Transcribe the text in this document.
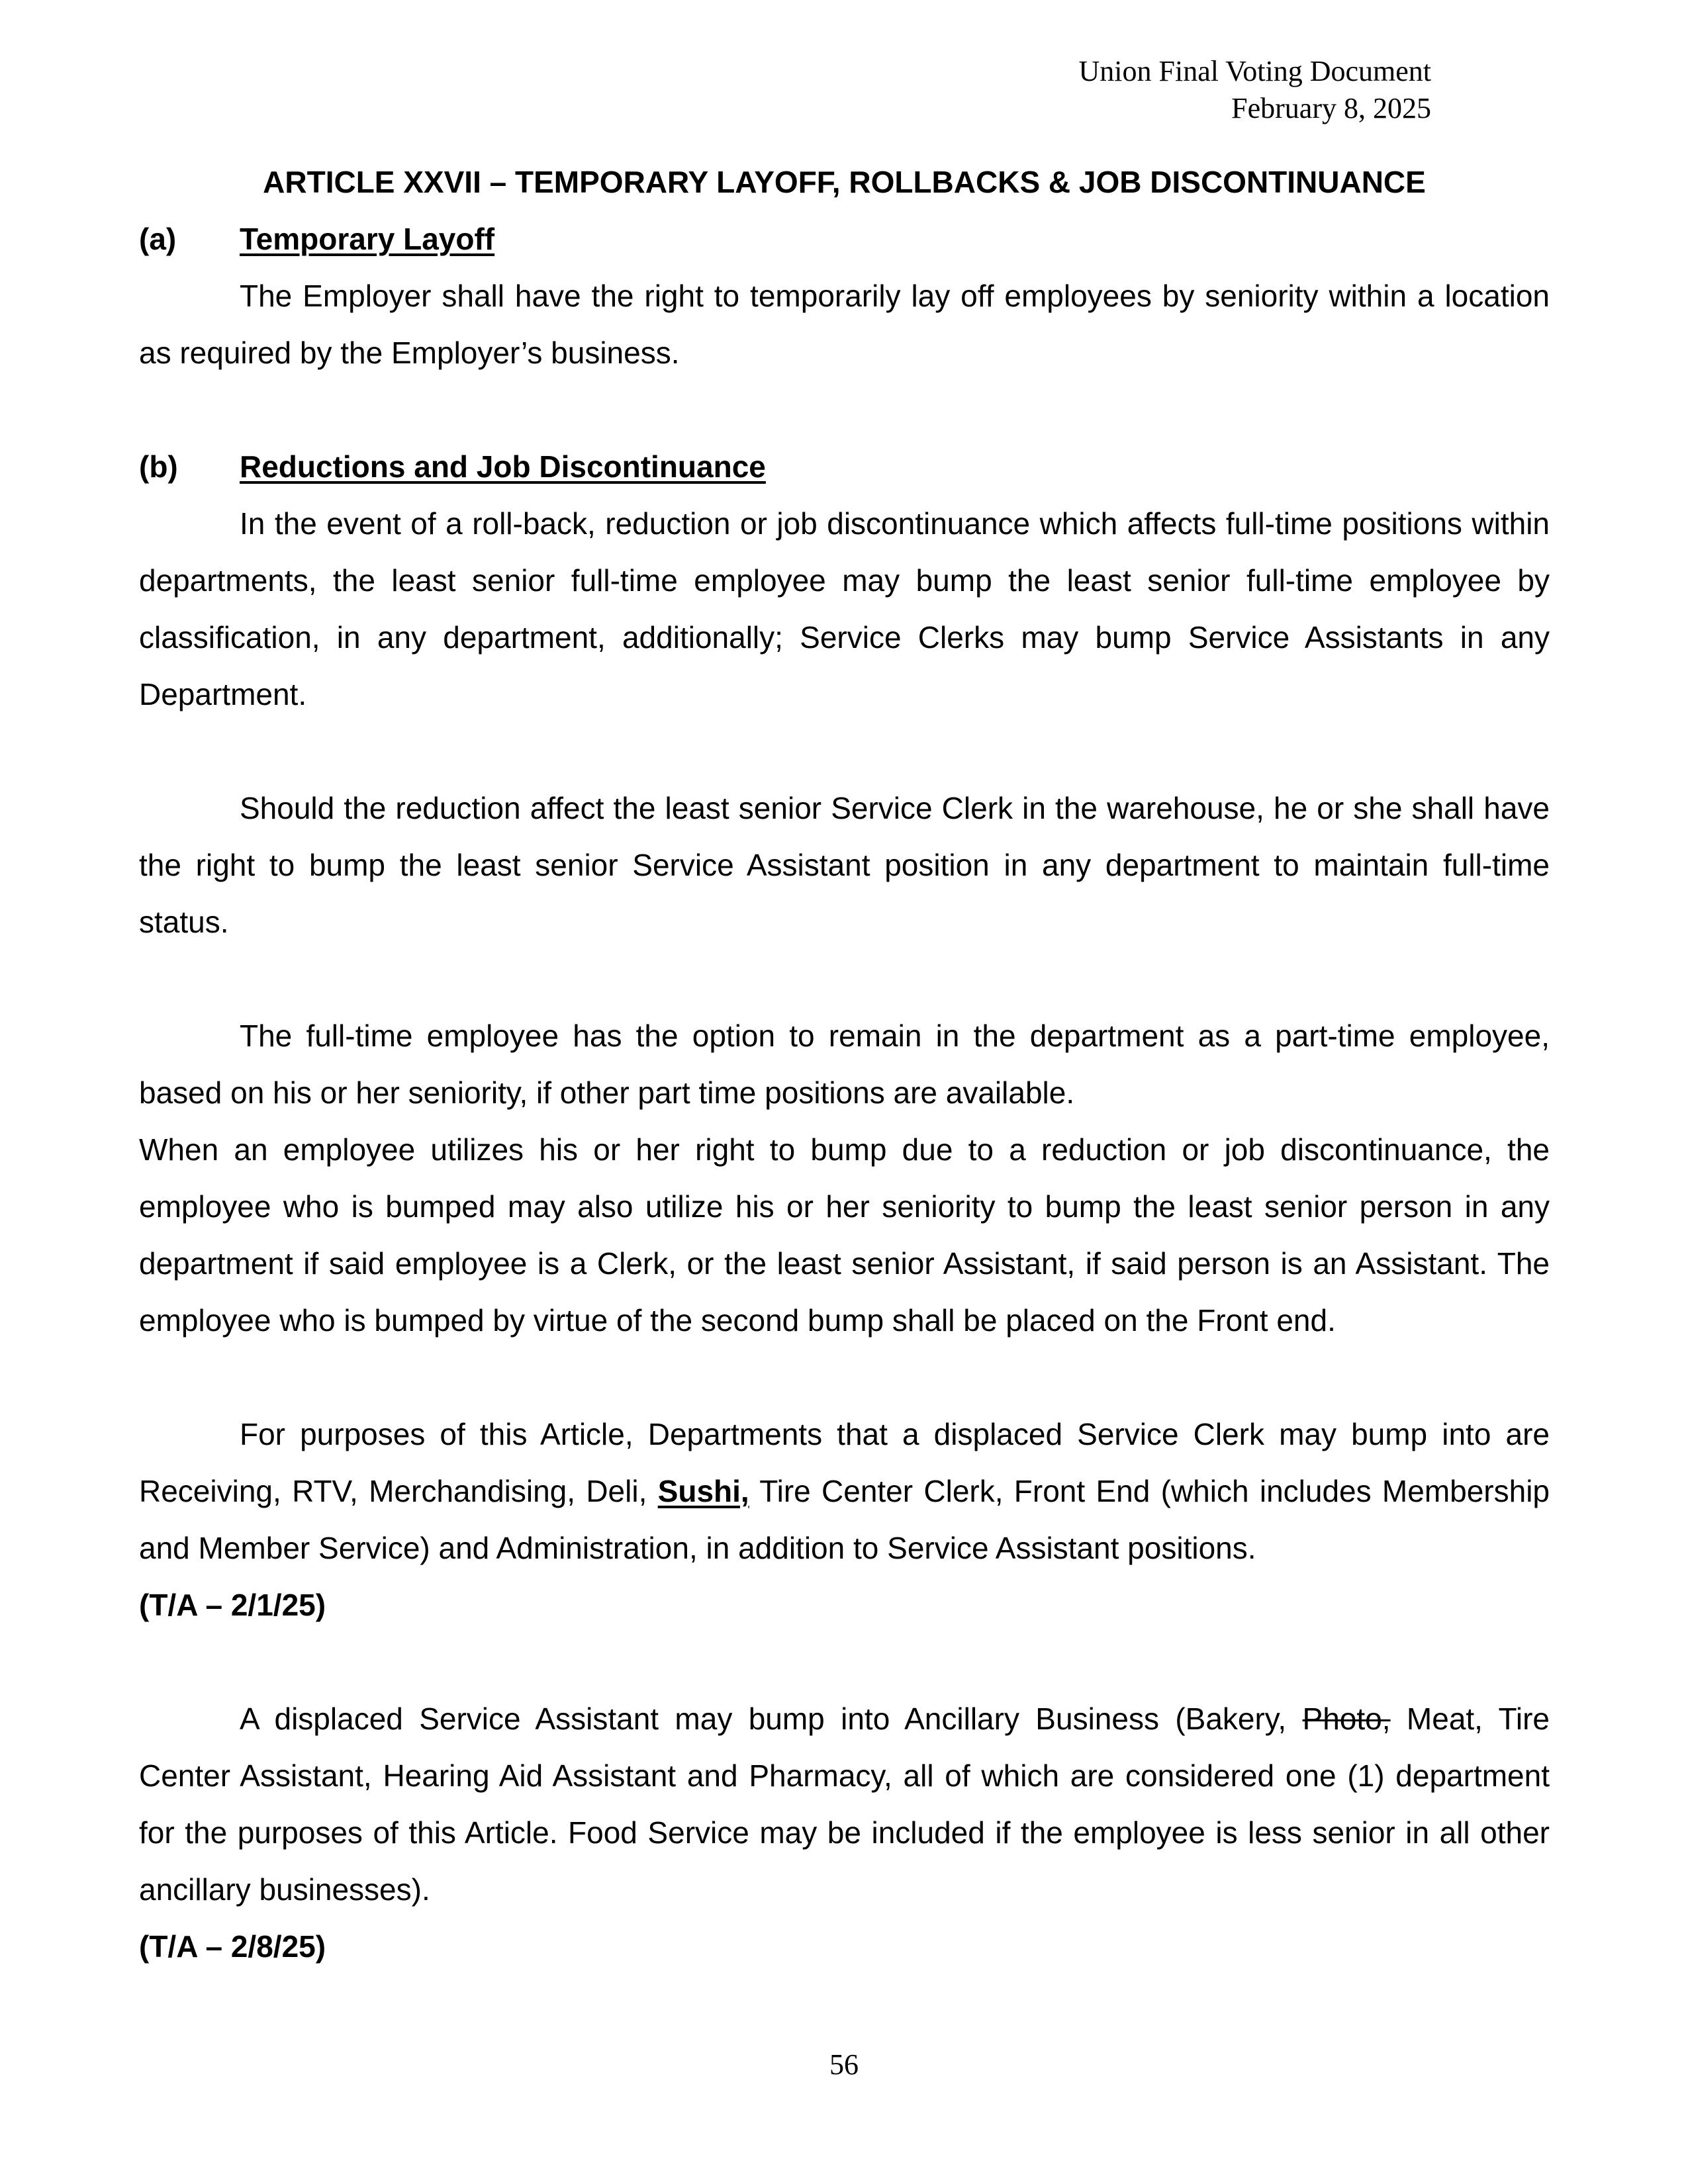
Union Final Voting Document
February 8, 2025
ARTICLE XXVII – TEMPORARY LAYOFF, ROLLBACKS & JOB DISCONTINUANCE
(a) Temporary Layoff

The Employer shall have the right to temporarily lay off employees by seniority within a location as required by the Employer’s business.

(b) Reductions and Job Discontinuance

In the event of a roll-back, reduction or job discontinuance which affects full-time positions within departments, the least senior full-time employee may bump the least senior full-time employee by classification, in any department, additionally; Service Clerks may bump Service Assistants in any Department.

Should the reduction affect the least senior Service Clerk in the warehouse, he or she shall have the right to bump the least senior Service Assistant position in any department to maintain full-time status.

The full-time employee has the option to remain in the department as a part-time employee, based on his or her seniority, if other part time positions are available.

When an employee utilizes his or her right to bump due to a reduction or job discontinuance, the employee who is bumped may also utilize his or her seniority to bump the least senior person in any department if said employee is a Clerk, or the least senior Assistant, if said person is an Assistant. The employee who is bumped by virtue of the second bump shall be placed on the Front end.

For purposes of this Article, Departments that a displaced Service Clerk may bump into are Receiving, RTV, Merchandising, Deli, Sushi, Tire Center Clerk, Front End (which includes Membership and Member Service) and Administration, in addition to Service Assistant positions.

(T/A – 2/1/25)

A displaced Service Assistant may bump into Ancillary Business (Bakery, Photo, Meat, Tire Center Assistant, Hearing Aid Assistant and Pharmacy, all of which are considered one (1) department for the purposes of this Article. Food Service may be included if the employee is less senior in all other ancillary businesses).

(T/A – 2/8/25)
56
